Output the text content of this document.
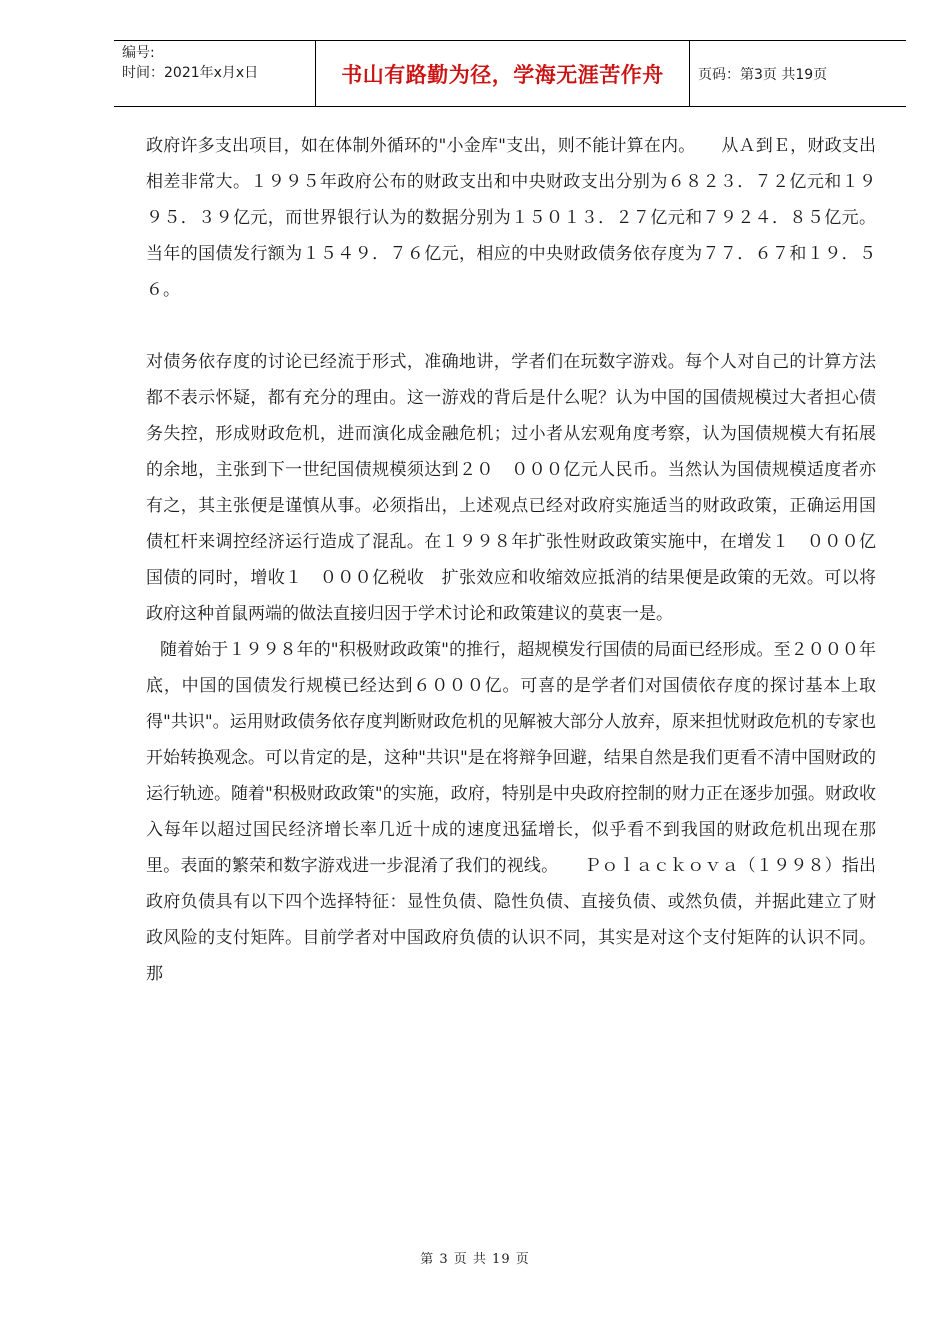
编号:
时间：2021年x月x日	书山有路勤为径，学海无涯苦作舟	页码：第3页 共19页

政府许多支出项目，如在体制外循环的"小金库"支出，则不能计算在内。　　从Ａ到Ｅ，财政支出相差非常大。１９９５年政府公布的财政支出和中央财政支出分别为６８２３．７２亿元和１９９５．３９亿元，而世界银行认为的数据分别为１５０１３．２７亿元和７９２４．８５亿元。当年的国债发行额为１５４９．７６亿元，相应的中央财政债务依存度为７７．６７和１９．５６。

对债务依存度的讨论已经流于形式，准确地讲，学者们在玩数字游戏。每个人对自己的计算方法都不表示怀疑，都有充分的理由。这一游戏的背后是什么呢？认为中国的国债规模过大者担心债务失控，形成财政危机，进而演化成金融危机；过小者从宏观角度考察，认为国债规模大有拓展的余地，主张到下一世纪国债规模须达到２０　０００亿元人民币。当然认为国债规模适度者亦有之，其主张便是谨慎从事。必须指出，上述观点已经对政府实施适当的财政政策，正确运用国债杠杆来调控经济运行造成了混乱。在１９９８年扩张性财政政策实施中，在增发１　０００亿国债的同时，增收１　０００亿税收　扩张效应和收缩效应抵消的结果便是政策的无效。可以将政府这种首鼠两端的做法直接归因于学术讨论和政策建议的莫衷一是。

随着始于１９９８年的"积极财政政策"的推行，超规模发行国债的局面已经形成。至２０００年底，中国的国债发行规模已经达到６０００亿。可喜的是学者们对国债依存度的探讨基本上取得"共识"。运用财政债务依存度判断财政危机的见解被大部分人放弃，原来担忧财政危机的专家也开始转换观念。可以肯定的是，这种"共识"是在将辩争回避，结果自然是我们更看不清中国财政的运行轨迹。随着"积极财政政策"的实施，政府，特别是中央政府控制的财力正在逐步加强。财政收入每年以超过国民经济增长率几近十成的速度迅猛增长，似乎看不到我国的财政危机出现在那里。表面的繁荣和数字游戏进一步混淆了我们的视线。　　Ｐｏｌａｃｋｏｖａ（１９９８）指出政府负债具有以下四个选择特征：显性负债、隐性负债、直接负债、或然负债，并据此建立了财政风险的支付矩阵。目前学者对中国政府负债的认识不同，其实是对这个支付矩阵的认识不同。那

第 3 页 共 19 页
